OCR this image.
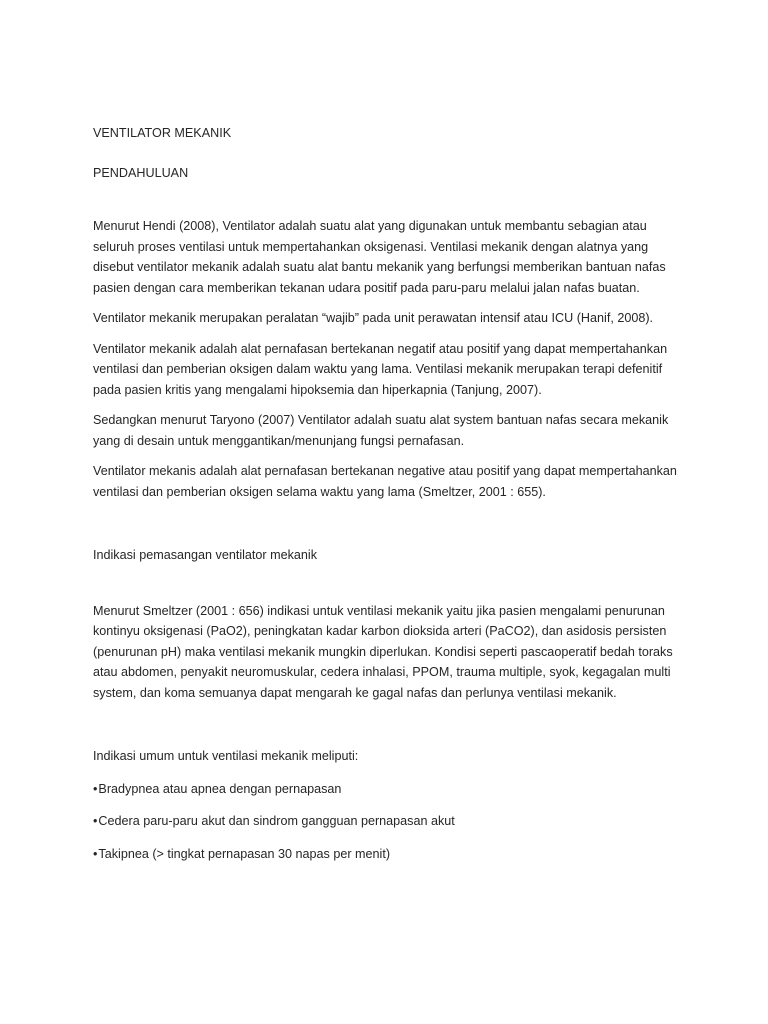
VENTILATOR MEKANIK

PENDAHULUAN

Menurut Hendi (2008), Ventilator adalah suatu alat yang digunakan untuk membantu sebagian atau seluruh proses ventilasi untuk mempertahankan oksigenasi. Ventilasi mekanik dengan alatnya yang disebut ventilator mekanik adalah suatu alat bantu mekanik yang berfungsi memberikan bantuan nafas pasien dengan cara memberikan tekanan udara positif pada paru-paru melalui jalan nafas buatan.

Ventilator mekanik merupakan peralatan “wajib” pada unit perawatan intensif atau ICU (Hanif, 2008).

Ventilator mekanik adalah alat pernafasan bertekanan negatif atau positif yang dapat mempertahankan ventilasi dan pemberian oksigen dalam waktu yang lama. Ventilasi mekanik merupakan terapi defenitif pada pasien kritis yang mengalami hipoksemia dan hiperkapnia (Tanjung, 2007).

Sedangkan menurut Taryono (2007) Ventilator adalah suatu alat system bantuan nafas secara mekanik yang di desain untuk menggantikan/menunjang fungsi pernafasan.

Ventilator mekanis adalah alat pernafasan bertekanan negative atau positif yang dapat mempertahankan ventilasi dan pemberian oksigen selama waktu yang lama (Smeltzer, 2001 : 655).

Indikasi pemasangan ventilator mekanik

Menurut Smeltzer (2001 : 656) indikasi untuk ventilasi mekanik yaitu jika pasien mengalami penurunan kontinyu oksigenasi (PaO2), peningkatan kadar karbon dioksida arteri (PaCO2), dan asidosis persisten (penurunan pH) maka ventilasi mekanik mungkin diperlukan. Kondisi seperti pascaoperatif bedah toraks atau abdomen, penyakit neuromuskular, cedera inhalasi, PPOM, trauma multiple, syok, kegagalan multi system, dan koma semuanya dapat mengarah ke gagal nafas dan perlunya ventilasi mekanik.

Indikasi umum untuk ventilasi mekanik meliputi:

•Bradypnea atau apnea dengan pernapasan

•Cedera paru-paru akut dan sindrom gangguan pernapasan akut

•Takipnea (> tingkat pernapasan 30 napas per menit)
